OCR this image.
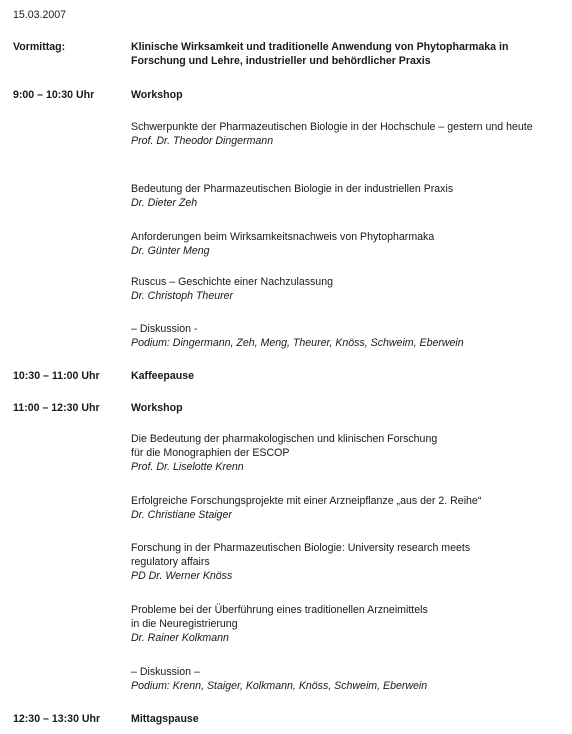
15.03.2007
Vormittag:	Klinische Wirksamkeit und traditionelle Anwendung von Phytopharmaka in Forschung und Lehre, industrieller und behördlicher Praxis
9:00 – 10:30 Uhr	Workshop
Schwerpunkte der Pharmazeutischen Biologie in der Hochschule – gestern und heute
Prof. Dr. Theodor Dingermann
Bedeutung der Pharmazeutischen Biologie in der industriellen Praxis
Dr. Dieter Zeh
Anforderungen beim Wirksamkeitsnachweis von Phytopharmaka
Dr. Günter Meng
Ruscus – Geschichte einer Nachzulassung
Dr. Christoph Theurer
– Diskussion -
Podium: Dingermann, Zeh, Meng, Theurer, Knöss, Schweim, Eberwein
10:30 – 11:00 Uhr	Kaffeepause
11:00 – 12:30 Uhr	Workshop
Die Bedeutung der pharmakologischen und klinischen Forschung
für die Monographien der ESCOP
Prof. Dr. Liselotte Krenn
Erfolgreiche Forschungsprojekte mit einer Arzneipflanze „aus der 2. Reihe“
Dr. Christiane Staiger
Forschung in der Pharmazeutischen Biologie: University research meets
regulatory affairs
PD Dr. Werner Knöss
Probleme bei der Überführung eines traditionellen Arzneimittels
in die Neuregistrierung
Dr. Rainer Kolkmann
– Diskussion –
Podium: Krenn, Staiger, Kolkmann, Knöss, Schweim, Eberwein
12:30 – 13:30 Uhr	Mittagspause
